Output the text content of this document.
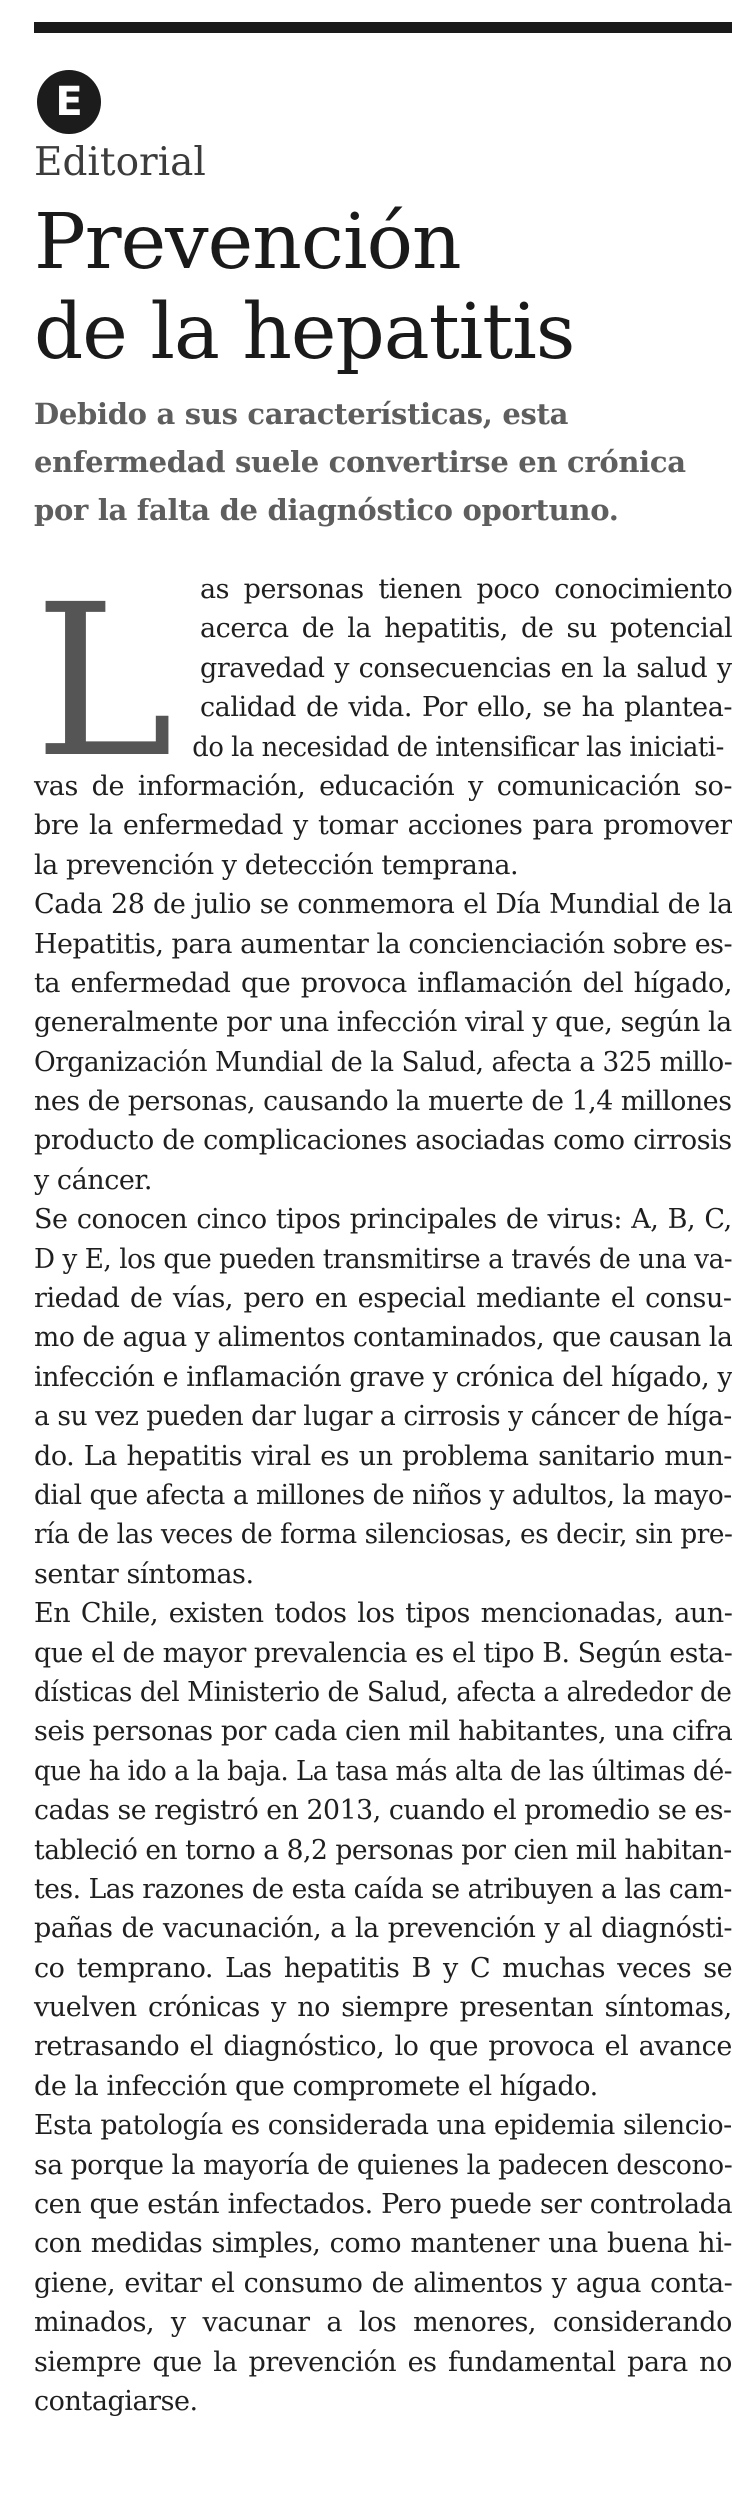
E
Editorial
Prevención
de la hepatitis
Debido a sus características, esta
enfermedad suele convertirse en crónica
por la falta de diagnóstico oportuno.
L as personas tienen poco conocimiento
acerca de la hepatitis, de su potencial
gravedad y consecuencias en la salud y
calidad de vida. Por ello, se ha plantea-
do la necesidad de intensificar las iniciati-
vas de información, educación y comunicación so-
bre la enfermedad y tomar acciones para promover
la prevención y detección temprana.
Cada 28 de julio se conmemora el Día Mundial de la
Hepatitis, para aumentar la concienciación sobre es-
ta enfermedad que provoca inflamación del hígado,
generalmente por una infección viral y que, según la
Organización Mundial de la Salud, afecta a 325 millo-
nes de personas, causando la muerte de 1,4 millones
producto de complicaciones asociadas como cirrosis
y cáncer.
Se conocen cinco tipos principales de virus: A, B, C,
D y E, los que pueden transmitirse a través de una va-
riedad de vías, pero en especial mediante el consu-
mo de agua y alimentos contaminados, que causan la
infección e inflamación grave y crónica del hígado, y
a su vez pueden dar lugar a cirrosis y cáncer de híga-
do. La hepatitis viral es un problema sanitario mun-
dial que afecta a millones de niños y adultos, la mayo-
ría de las veces de forma silenciosas, es decir, sin pre-
sentar síntomas.
En Chile, existen todos los tipos mencionadas, aun-
que el de mayor prevalencia es el tipo B. Según esta-
dísticas del Ministerio de Salud, afecta a alrededor de
seis personas por cada cien mil habitantes, una cifra
que ha ido a la baja. La tasa más alta de las últimas dé-
cadas se registró en 2013, cuando el promedio se es-
tableció en torno a 8,2 personas por cien mil habitan-
tes. Las razones de esta caída se atribuyen a las cam-
pañas de vacunación, a la prevención y al diagnósti-
co temprano. Las hepatitis B y C muchas veces se
vuelven crónicas y no siempre presentan síntomas,
retrasando el diagnóstico, lo que provoca el avance
de la infección que compromete el hígado.
Esta patología es considerada una epidemia silencio-
sa porque la mayoría de quienes la padecen descono-
cen que están infectados. Pero puede ser controlada
con medidas simples, como mantener una buena hi-
giene, evitar el consumo de alimentos y agua conta-
minados, y vacunar a los menores, considerando
siempre que la prevención es fundamental para no
contagiarse.
